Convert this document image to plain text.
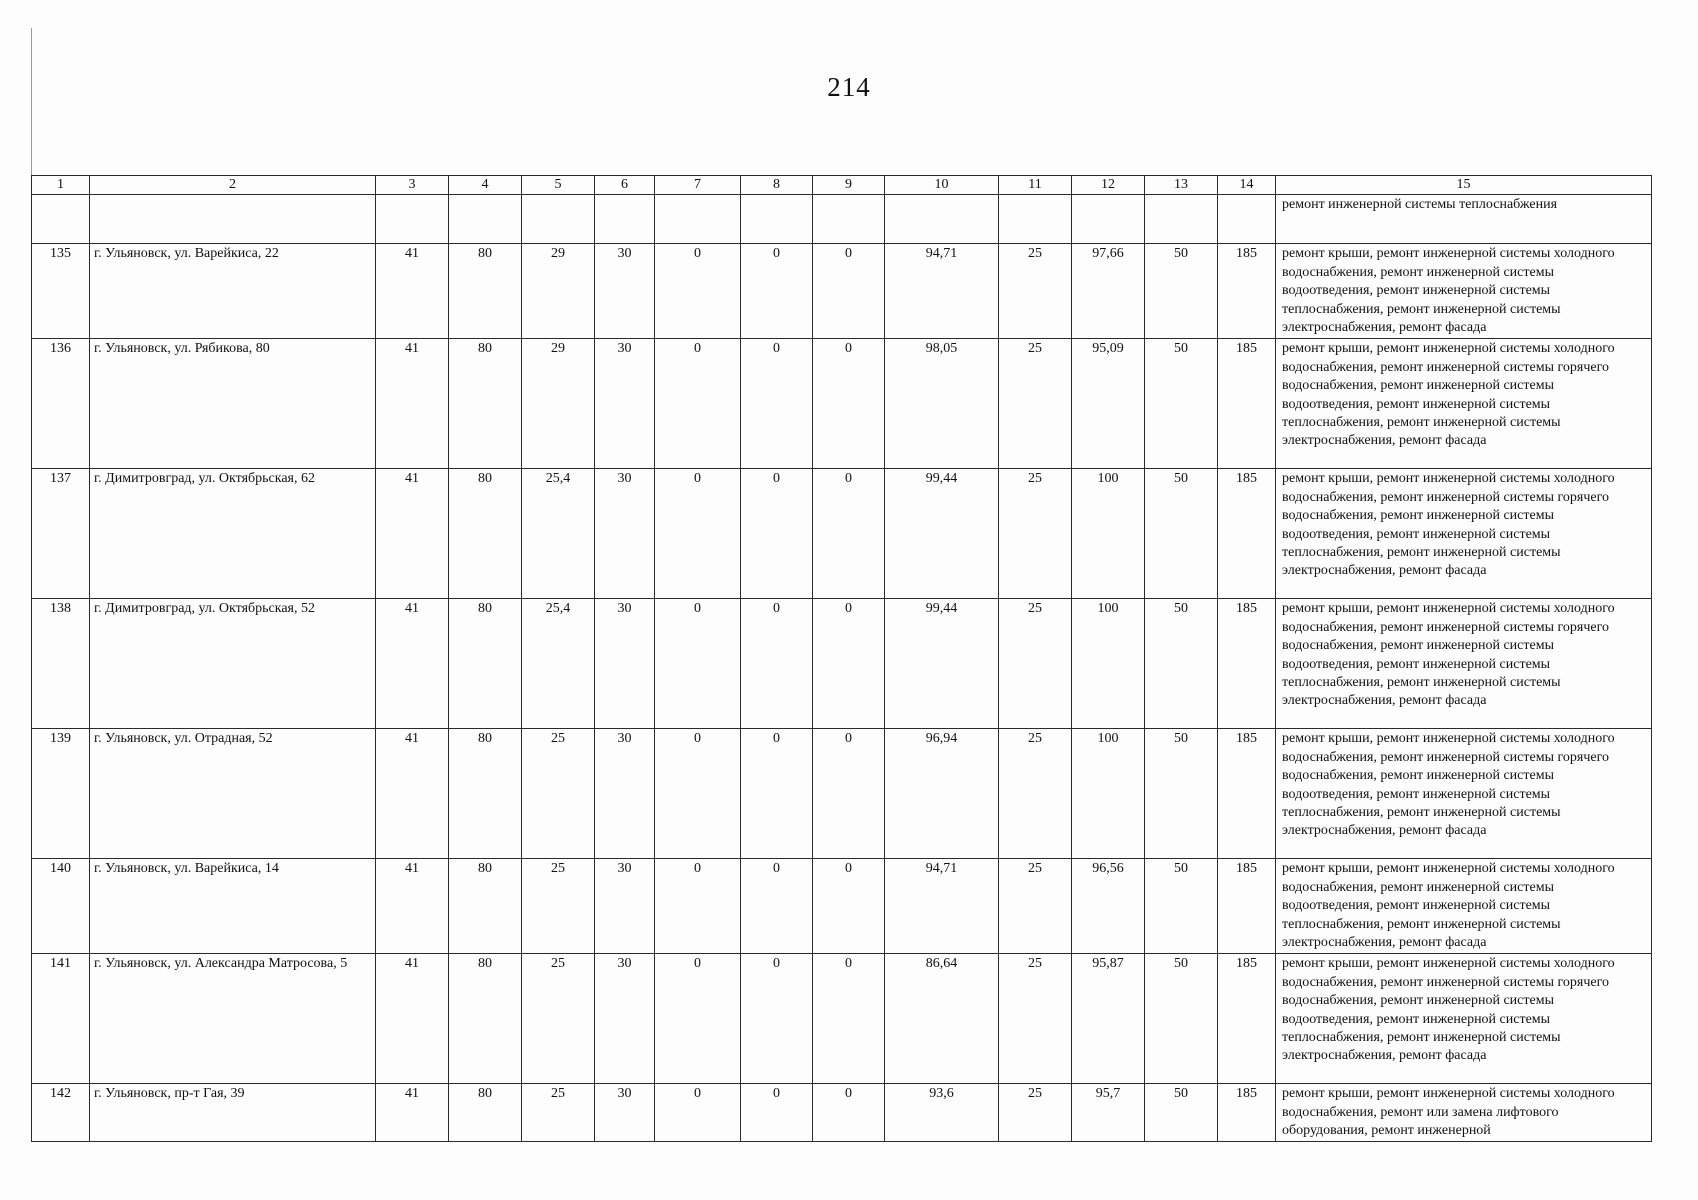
214
1	2	3	4	5	6	7	8	9	10	11	12	13	14	15
														ремонт инженерной системы теплоснабжения
135	г. Ульяновск, ул. Варейкиса, 22	41	80	29	30	0	0	0	94,71	25	97,66	50	185	ремонт крыши, ремонт инженерной системы холодного водоснабжения, ремонт инженерной системы водоотведения, ремонт инженерной системы теплоснабжения, ремонт инженерной системы электроснабжения, ремонт фасада
136	г. Ульяновск, ул. Рябикова, 80	41	80	29	30	0	0	0	98,05	25	95,09	50	185	ремонт крыши, ремонт инженерной системы холодного водоснабжения, ремонт инженерной системы горячего водоснабжения, ремонт инженерной системы водоотведения, ремонт инженерной системы теплоснабжения, ремонт инженерной системы электроснабжения, ремонт фасада
137	г. Димитровград, ул. Октябрьская, 62	41	80	25,4	30	0	0	0	99,44	25	100	50	185	ремонт крыши, ремонт инженерной системы холодного водоснабжения, ремонт инженерной системы горячего водоснабжения, ремонт инженерной системы водоотведения, ремонт инженерной системы теплоснабжения, ремонт инженерной системы электроснабжения, ремонт фасада
138	г. Димитровград, ул. Октябрьская, 52	41	80	25,4	30	0	0	0	99,44	25	100	50	185	ремонт крыши, ремонт инженерной системы холодного водоснабжения, ремонт инженерной системы горячего водоснабжения, ремонт инженерной системы водоотведения, ремонт инженерной системы теплоснабжения, ремонт инженерной системы электроснабжения, ремонт фасада
139	г. Ульяновск, ул. Отрадная, 52	41	80	25	30	0	0	0	96,94	25	100	50	185	ремонт крыши, ремонт инженерной системы холодного водоснабжения, ремонт инженерной системы горячего водоснабжения, ремонт инженерной системы водоотведения, ремонт инженерной системы теплоснабжения, ремонт инженерной системы электроснабжения, ремонт фасада
140	г. Ульяновск, ул. Варейкиса, 14	41	80	25	30	0	0	0	94,71	25	96,56	50	185	ремонт крыши, ремонт инженерной системы холодного водоснабжения, ремонт инженерной системы водоотведения, ремонт инженерной системы теплоснабжения, ремонт инженерной системы электроснабжения, ремонт фасада
141	г. Ульяновск, ул. Александра Матросова, 5	41	80	25	30	0	0	0	86,64	25	95,87	50	185	ремонт крыши, ремонт инженерной системы холодного водоснабжения, ремонт инженерной системы горячего водоснабжения, ремонт инженерной системы водоотведения, ремонт инженерной системы теплоснабжения, ремонт инженерной системы электроснабжения, ремонт фасада
142	г. Ульяновск, пр-т Гая, 39	41	80	25	30	0	0	0	93,6	25	95,7	50	185	ремонт крыши, ремонт инженерной системы холодного водоснабжения, ремонт или замена лифтового оборудования, ремонт инженерной
